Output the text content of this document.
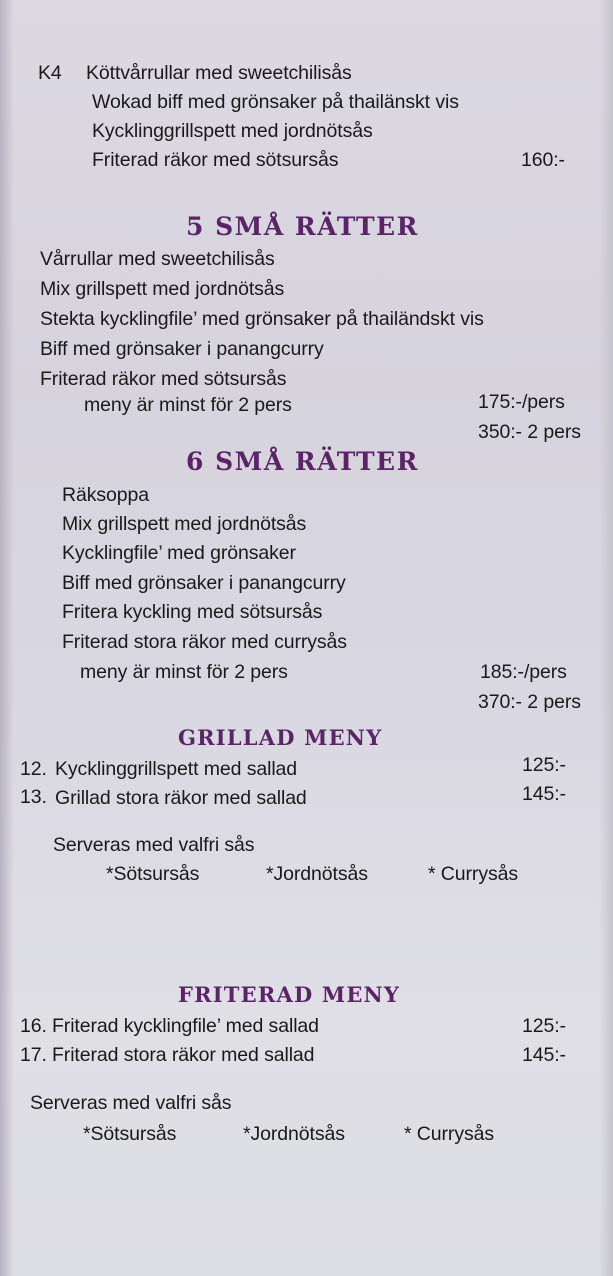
K4 Köttvårrullar med sweetchilisås
Wokad biff med grönsaker på thailänskt vis
Kycklinggrillspett med jordnötsås
Friterad räkor med sötsursås	160:-
5 SMÅ RÄTTER
Vårrullar med sweetchilisås
Mix grillspett med jordnötsås
Stekta kycklingfile’ med grönsaker på thailändskt vis
Biff med grönsaker i panangcurry
Friterad räkor med sötsursås
meny är minst för 2 pers	175:-/pers
350:- 2 pers
6 SMÅ RÄTTER
Räksoppa
Mix grillspett med jordnötsås
Kycklingfile’ med grönsaker
Biff med grönsaker i panangcurry
Fritera kyckling med sötsursås
Friterad stora räkor med currysås
meny är minst för 2 pers	185:-/pers
370:- 2 pers
GRILLAD MENY
12. Kycklinggrillspett med sallad	125:-
13. Grillad stora räkor med sallad	145:-
Serveras med valfri sås
*Sötsursås	*Jordnötsås	* Currysås
FRITERAD MENY
16. Friterad kycklingfile’ med sallad	125:-
17. Friterad stora räkor med sallad	145:-
Serveras med valfri sås
*Sötsursås	*Jordnötsås	* Currysås
